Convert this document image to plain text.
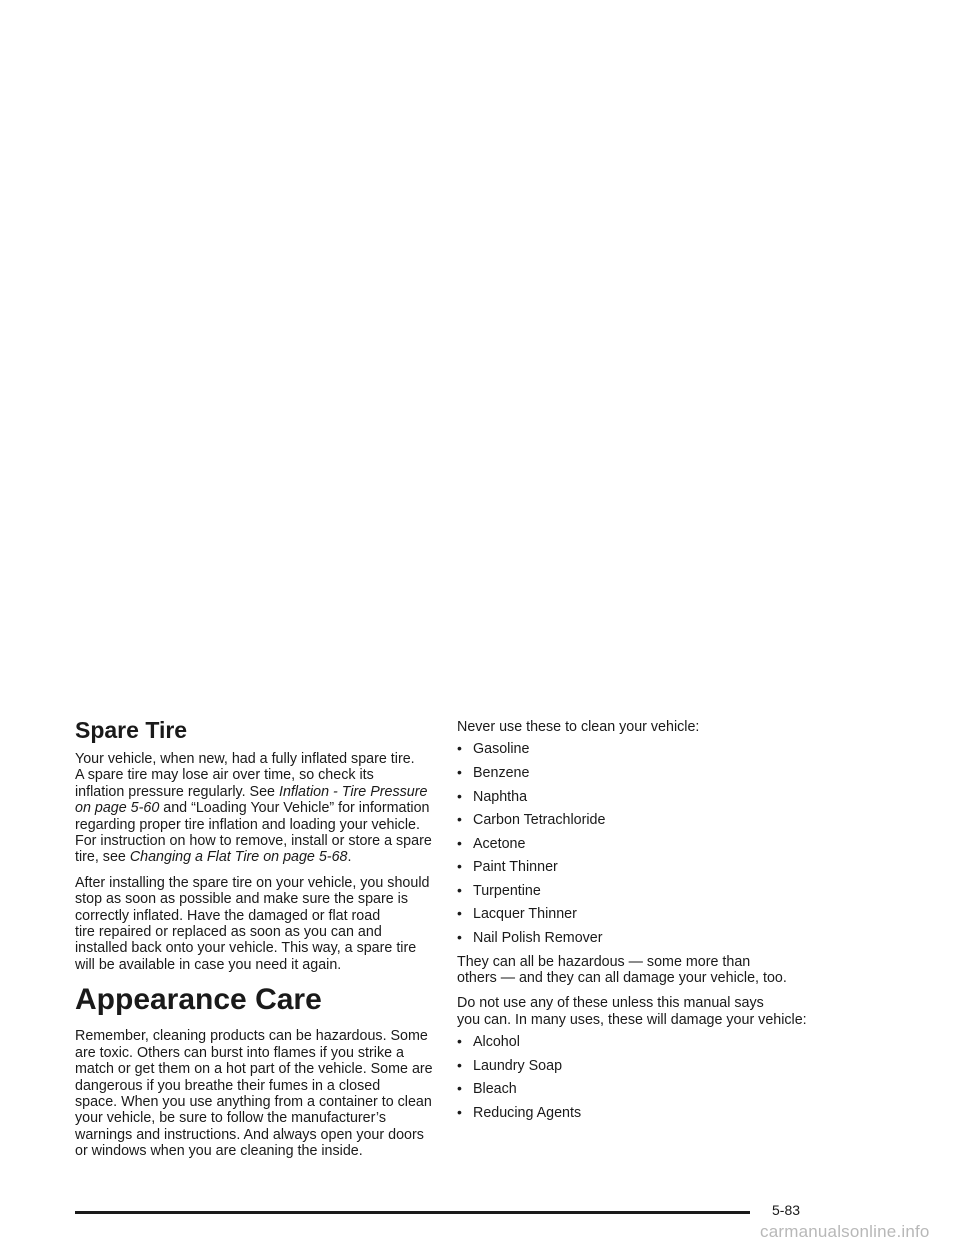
Spare Tire

Your vehicle, when new, had a fully inflated spare tire.
A spare tire may lose air over time, so check its
inflation pressure regularly. See Inflation - Tire Pressure
on page 5-60 and “Loading Your Vehicle” for information
regarding proper tire inflation and loading your vehicle.
For instruction on how to remove, install or store a spare
tire, see Changing a Flat Tire on page 5-68.

After installing the spare tire on your vehicle, you should
stop as soon as possible and make sure the spare is
correctly inflated. Have the damaged or flat road
tire repaired or replaced as soon as you can and
installed back onto your vehicle. This way, a spare tire
will be available in case you need it again.

Appearance Care

Remember, cleaning products can be hazardous. Some
are toxic. Others can burst into flames if you strike a
match or get them on a hot part of the vehicle. Some are
dangerous if you breathe their fumes in a closed
space. When you use anything from a container to clean
your vehicle, be sure to follow the manufacturer’s
warnings and instructions. And always open your doors
or windows when you are cleaning the inside.

Never use these to clean your vehicle:

• Gasoline
• Benzene
• Naphtha
• Carbon Tetrachloride
• Acetone
• Paint Thinner
• Turpentine
• Lacquer Thinner
• Nail Polish Remover

They can all be hazardous — some more than
others — and they can all damage your vehicle, too.

Do not use any of these unless this manual says
you can. In many uses, these will damage your vehicle:

• Alcohol
• Laundry Soap
• Bleach
• Reducing Agents
5-83
carmanualsonline.info
